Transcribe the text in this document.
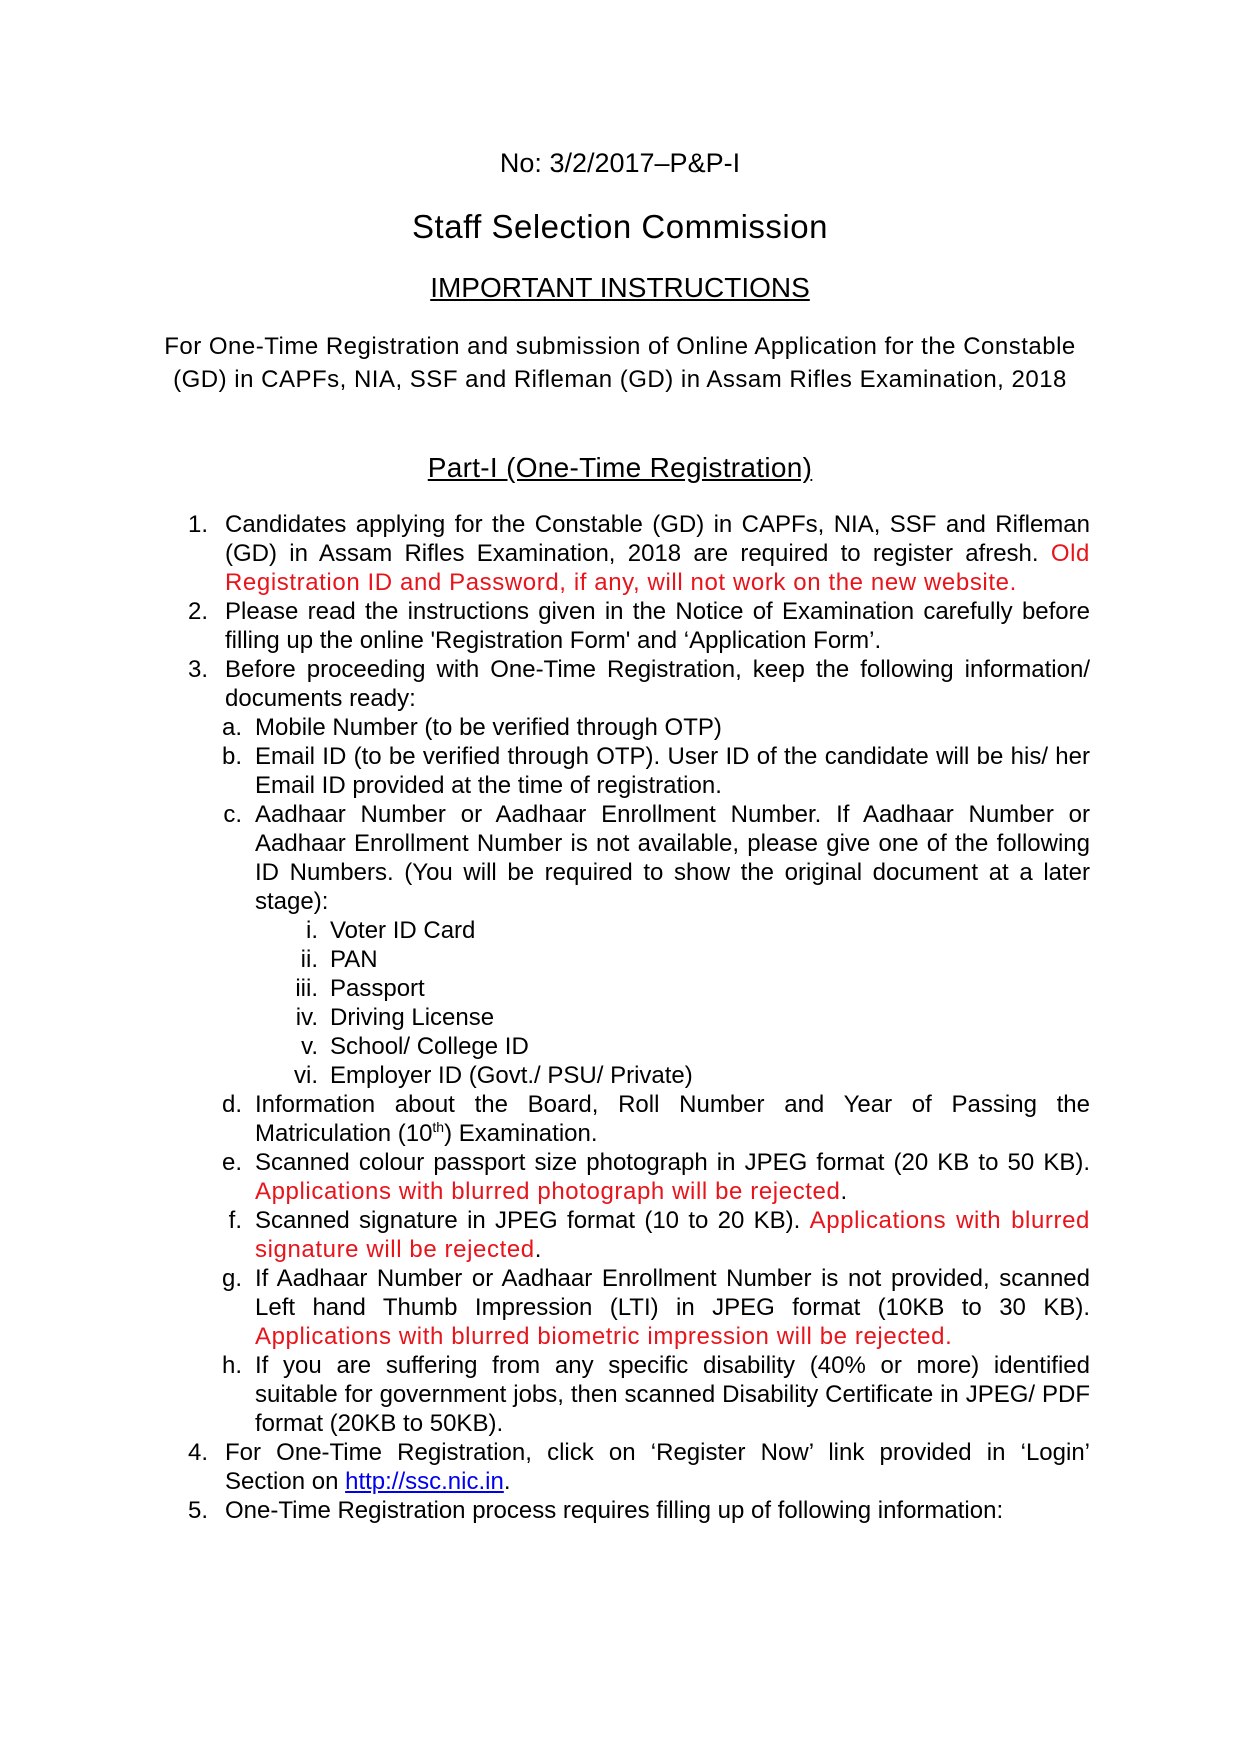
No: 3/2/2017–P&P-I
Staff Selection Commission
IMPORTANT INSTRUCTIONS
For One-Time Registration and submission of Online Application for the Constable (GD) in CAPFs, NIA, SSF and Rifleman (GD) in Assam Rifles Examination, 2018
Part-I (One-Time Registration)
1. Candidates applying for the Constable (GD) in CAPFs, NIA, SSF and Rifleman (GD) in Assam Rifles Examination, 2018 are required to register afresh. Old Registration ID and Password, if any, will not work on the new website.
2. Please read the instructions given in the Notice of Examination carefully before filling up the online 'Registration Form' and ‘Application Form’.
3. Before proceeding with One-Time Registration, keep the following information/ documents ready:
a. Mobile Number (to be verified through OTP)
b. Email ID (to be verified through OTP). User ID of the candidate will be his/ her Email ID provided at the time of registration.
c. Aadhaar Number or Aadhaar Enrollment Number. If Aadhaar Number or Aadhaar Enrollment Number is not available, please give one of the following ID Numbers. (You will be required to show the original document at a later stage):
i. Voter ID Card
ii. PAN
iii. Passport
iv. Driving License
v. School/ College ID
vi. Employer ID (Govt./ PSU/ Private)
d. Information about the Board, Roll Number and Year of Passing the Matriculation (10th) Examination.
e. Scanned colour passport size photograph in JPEG format (20 KB to 50 KB). Applications with blurred photograph will be rejected.
f. Scanned signature in JPEG format (10 to 20 KB). Applications with blurred signature will be rejected.
g. If Aadhaar Number or Aadhaar Enrollment Number is not provided, scanned Left hand Thumb Impression (LTI) in JPEG format (10KB to 30 KB). Applications with blurred biometric impression will be rejected.
h. If you are suffering from any specific disability (40% or more) identified suitable for government jobs, then scanned Disability Certificate in JPEG/ PDF format (20KB to 50KB).
4. For One-Time Registration, click on ‘Register Now’ link provided in ‘Login’ Section on http://ssc.nic.in.
5. One-Time Registration process requires filling up of following information:
